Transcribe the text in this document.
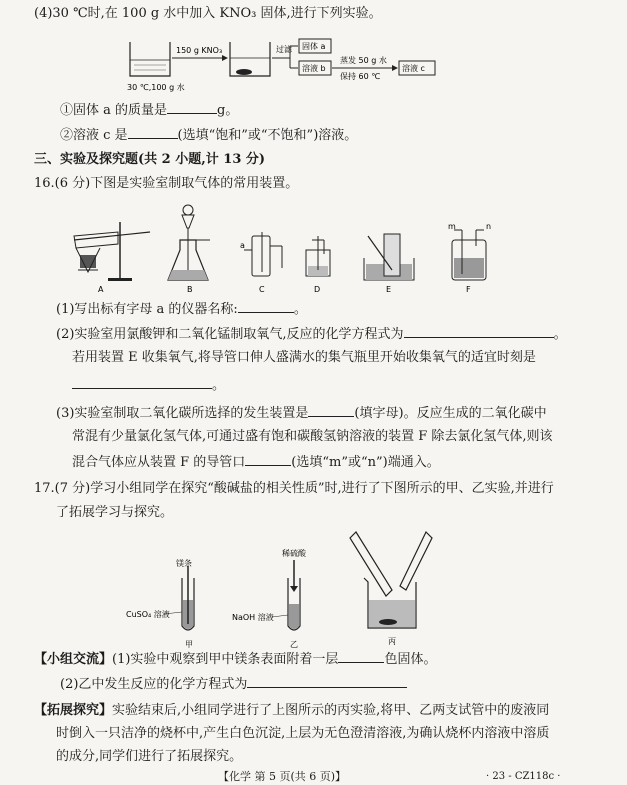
(4)30 ℃时,在 100 g 水中加入 KNO₃ 固体,进行下列实验。
30 ℃,100 g 水
150 g KNO₃	过滤 固体 a
溶液 b
蒸发 50 g 水
保持 60 ℃
溶液 c
①固体 a 的质量是	g。
②溶液 c 是	(选填“饱和”或“不饱和”)溶液。
三、实验及探究题(共 2 小题,计 13 分)
16.(6 分)下图是实验室制取气体的常用装置。
A	B
a
C	D	E
m	n
F
(1)写出标有字母 a 的仪器名称:	。
(2)实验室用氯酸钾和二氧化锰制取氧气,反应的化学方程式为	。
若用装置 E 收集氧气,将导管口伸人盛满水的集气瓶里开始收集氧气的适宜时刻是
。
(3)实验室制取二氧化碳所选择的发生装置是	(填字母)。反应生成的二氧化碳中
常混有少量氯化氢气体,可通过盛有饱和碳酸氢钠溶液的装置 F 除去氯化氢气体,则该
混合气体应从装置 F 的导管口	(选填“m”或“n”)端通入。
17.(7 分)学习小组同学在探究“酸碱盐的相关性质”时,进行了下图所示的甲、乙实验,并进行
了拓展学习与探究。
镁条
CuSO₄ 溶液
甲
稀硫酸
NaOH 溶液
乙	丙
【小组交流】(1)实验中观察到甲中镁条表面附着一层	色固体。
(2)乙中发生反应的化学方程式为
【拓展探究】实验结束后,小组同学进行了上图所示的丙实验,将甲、乙两支试管中的废液同
时倒入一只洁净的烧杯中,产生白色沉淀,上层为无色澄清溶液,为确认烧杯内溶液中溶质
的成分,同学们进行了拓展探究。
【化学 第 5 页(共 6 页)】	· 23 - CZ118c ·
